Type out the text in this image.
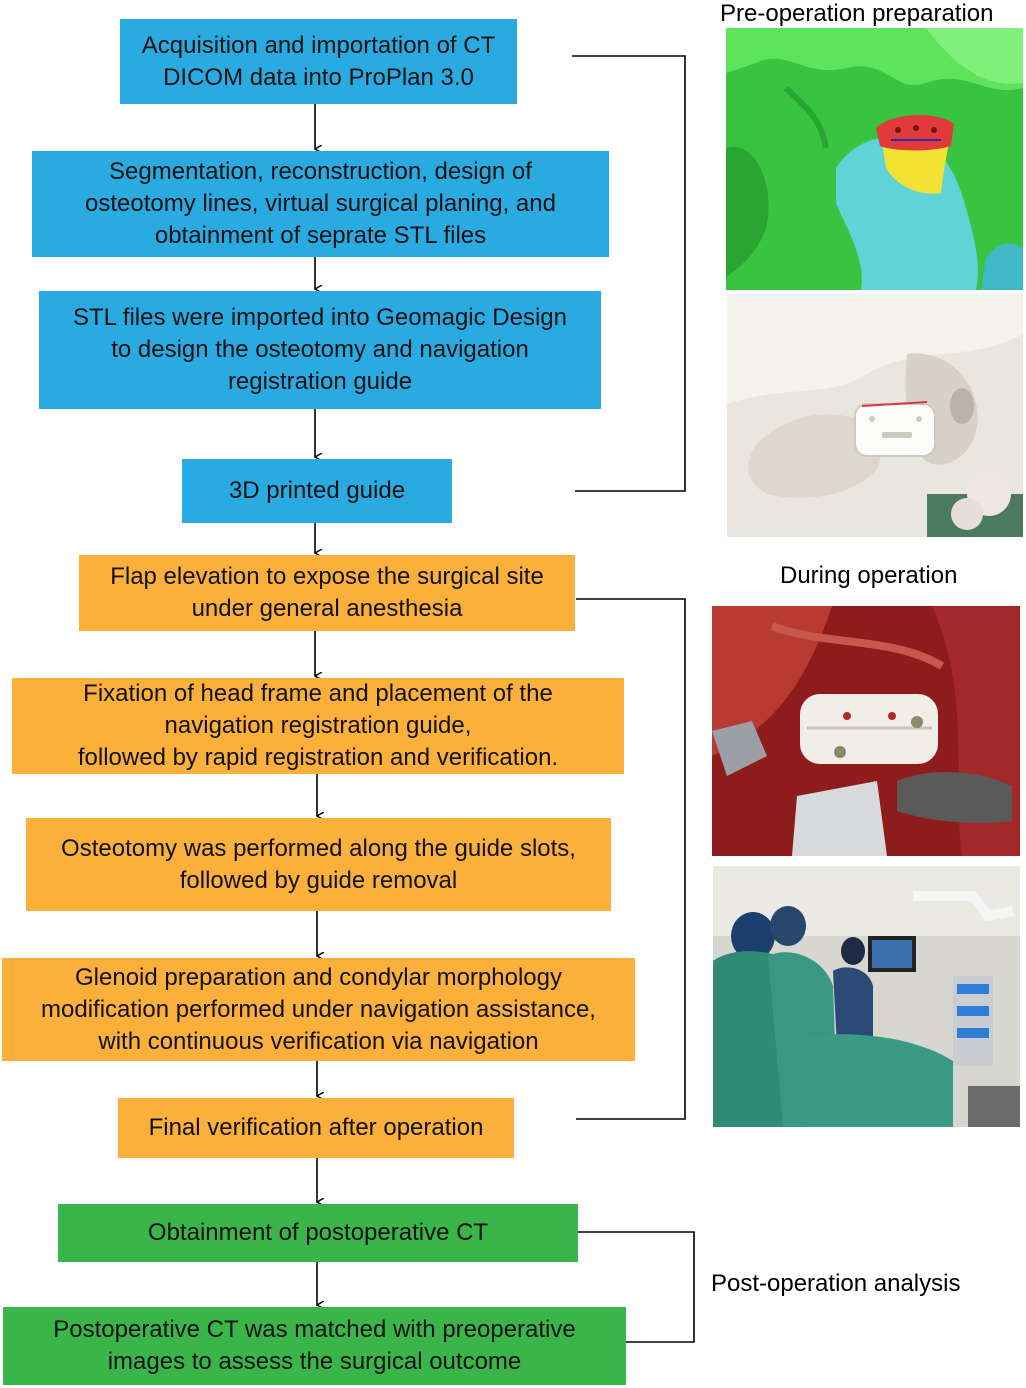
Acquisition and importation of CT
DICOM data into ProPlan 3.0
Segmentation, reconstruction, design of
osteotomy lines, virtual surgical planing, and
obtainment of seprate STL files
STL files were imported into Geomagic Design
to design the osteotomy and navigation
registration guide
3D printed guide
Flap elevation to expose the surgical site
under general anesthesia
Fixation of head frame and placement of the
navigation registration guide,
followed by rapid registration and verification.
Osteotomy was performed along the guide slots,
followed by guide removal
Glenoid preparation and condylar morphology
modification performed under navigation assistance,
with continuous verification via navigation
Final verification after operation
Obtainment of postoperative CT
Postoperative CT was matched with preoperative
images to assess the surgical outcome
Pre-operation preparation
During operation
Post-operation analysis
